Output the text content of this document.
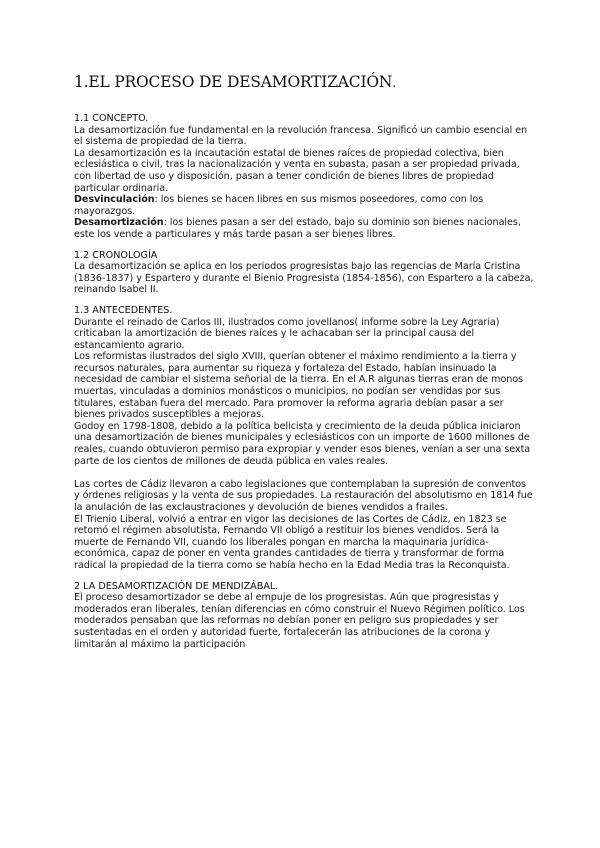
1.EL PROCESO DE DESAMORTIZACIÓN.
1.1 CONCEPTO.

La desamortización fue fundamental en la revolución francesa. Significó un cambio esencial en el sistema de propiedad de la tierra.

La desamortización es la incautación estatal de bienes raíces de propiedad colectiva, bien eclesiástica o civil, tras la nacionalización y venta en subasta, pasan a ser propiedad privada, con libertad de uso y disposición, pasan a tener condición de bienes libres de propiedad particular ordinaria.

Desvinculación: los bienes se hacen libres en sus mismos poseedores, como con los mayorazgos.

Desamortización: los bienes pasan a ser del estado, bajo su dominio son bienes nacionales, este los vende a particulares y más tarde pasan a ser bienes libres.

1.2 CRONOLOGÍA

La desamortización se aplica en los periodos progresistas bajo las regencias de María Cristina (1836-1837) y Espartero y durante el Bienio Progresista (1854-1856), con Espartero a la cabeza, reinando Isabel II.

1.3 ANTECEDENTES.

Durante el reinado de Carlos III, ilustrados como jovellanos( informe sobre la Ley Agraria) criticaban la amortización de bienes raíces y le achacaban ser la principal causa del estancamiento agrario.

Los reformistas ilustrados del siglo XVIII, querían obtener el máximo rendimiento a la tierra y recursos naturales, para aumentar su riqueza y fortaleza del Estado, habían insinuado la necesidad de cambiar el sistema señorial de la tierra. En el A.R algunas tierras eran de monos muertas, vinculadas a dominios monásticos o municipios, no podían ser vendidas por sus titulares, estaban fuera del mercado. Para promover la reforma agraria debían pasar a ser bienes privados susceptibles a mejoras.

Godoy en 1798-1808, debido a la política belicista y crecimiento de la deuda pública iniciaron una desamortización de bienes municipales y eclesiásticos con un importe de 1600 millones de reales, cuando obtuvieron permiso para expropiar y vender esos bienes, venían a ser una sexta parte de los cientos de millones de deuda pública en vales reales.

Las cortes de Cádiz llevaron a cabo legislaciones que contemplaban la supresión de conventos y órdenes religiosas y la venta de sus propiedades. La restauración del absolutismo en 1814 fue la anulación de las exclaustraciones y devolución de bienes vendidos a frailes.

El Trienio Liberal, volvió a entrar en vigor las decisiones de las Cortes de Cádiz, en 1823 se retomó el régimen absolutista, Fernando VII obligó a restituir los bienes vendidos. Será la muerte de Fernando VII, cuando los liberales pongan en marcha la maquinaria jurídica-económica, capaz de poner en venta grandes cantidades de tierra y transformar de forma radical la propiedad de la tierra como se había hecho en la Edad Media tras la Reconquista.

2 LA DESAMORTIZACIÓN DE MENDIZÁBAL.

El proceso desamortizador se debe al empuje de los progresistas. Aún que progresistas y moderados eran liberales, tenían diferencias en cómo construir el Nuevo Régimen político. Los moderados pensaban que las reformas no debían poner en peligro sus propiedades y ser sustentadas en el orden y autoridad fuerte, fortalecerán las atribuciones de la corona y limitarán al máximo la participación
